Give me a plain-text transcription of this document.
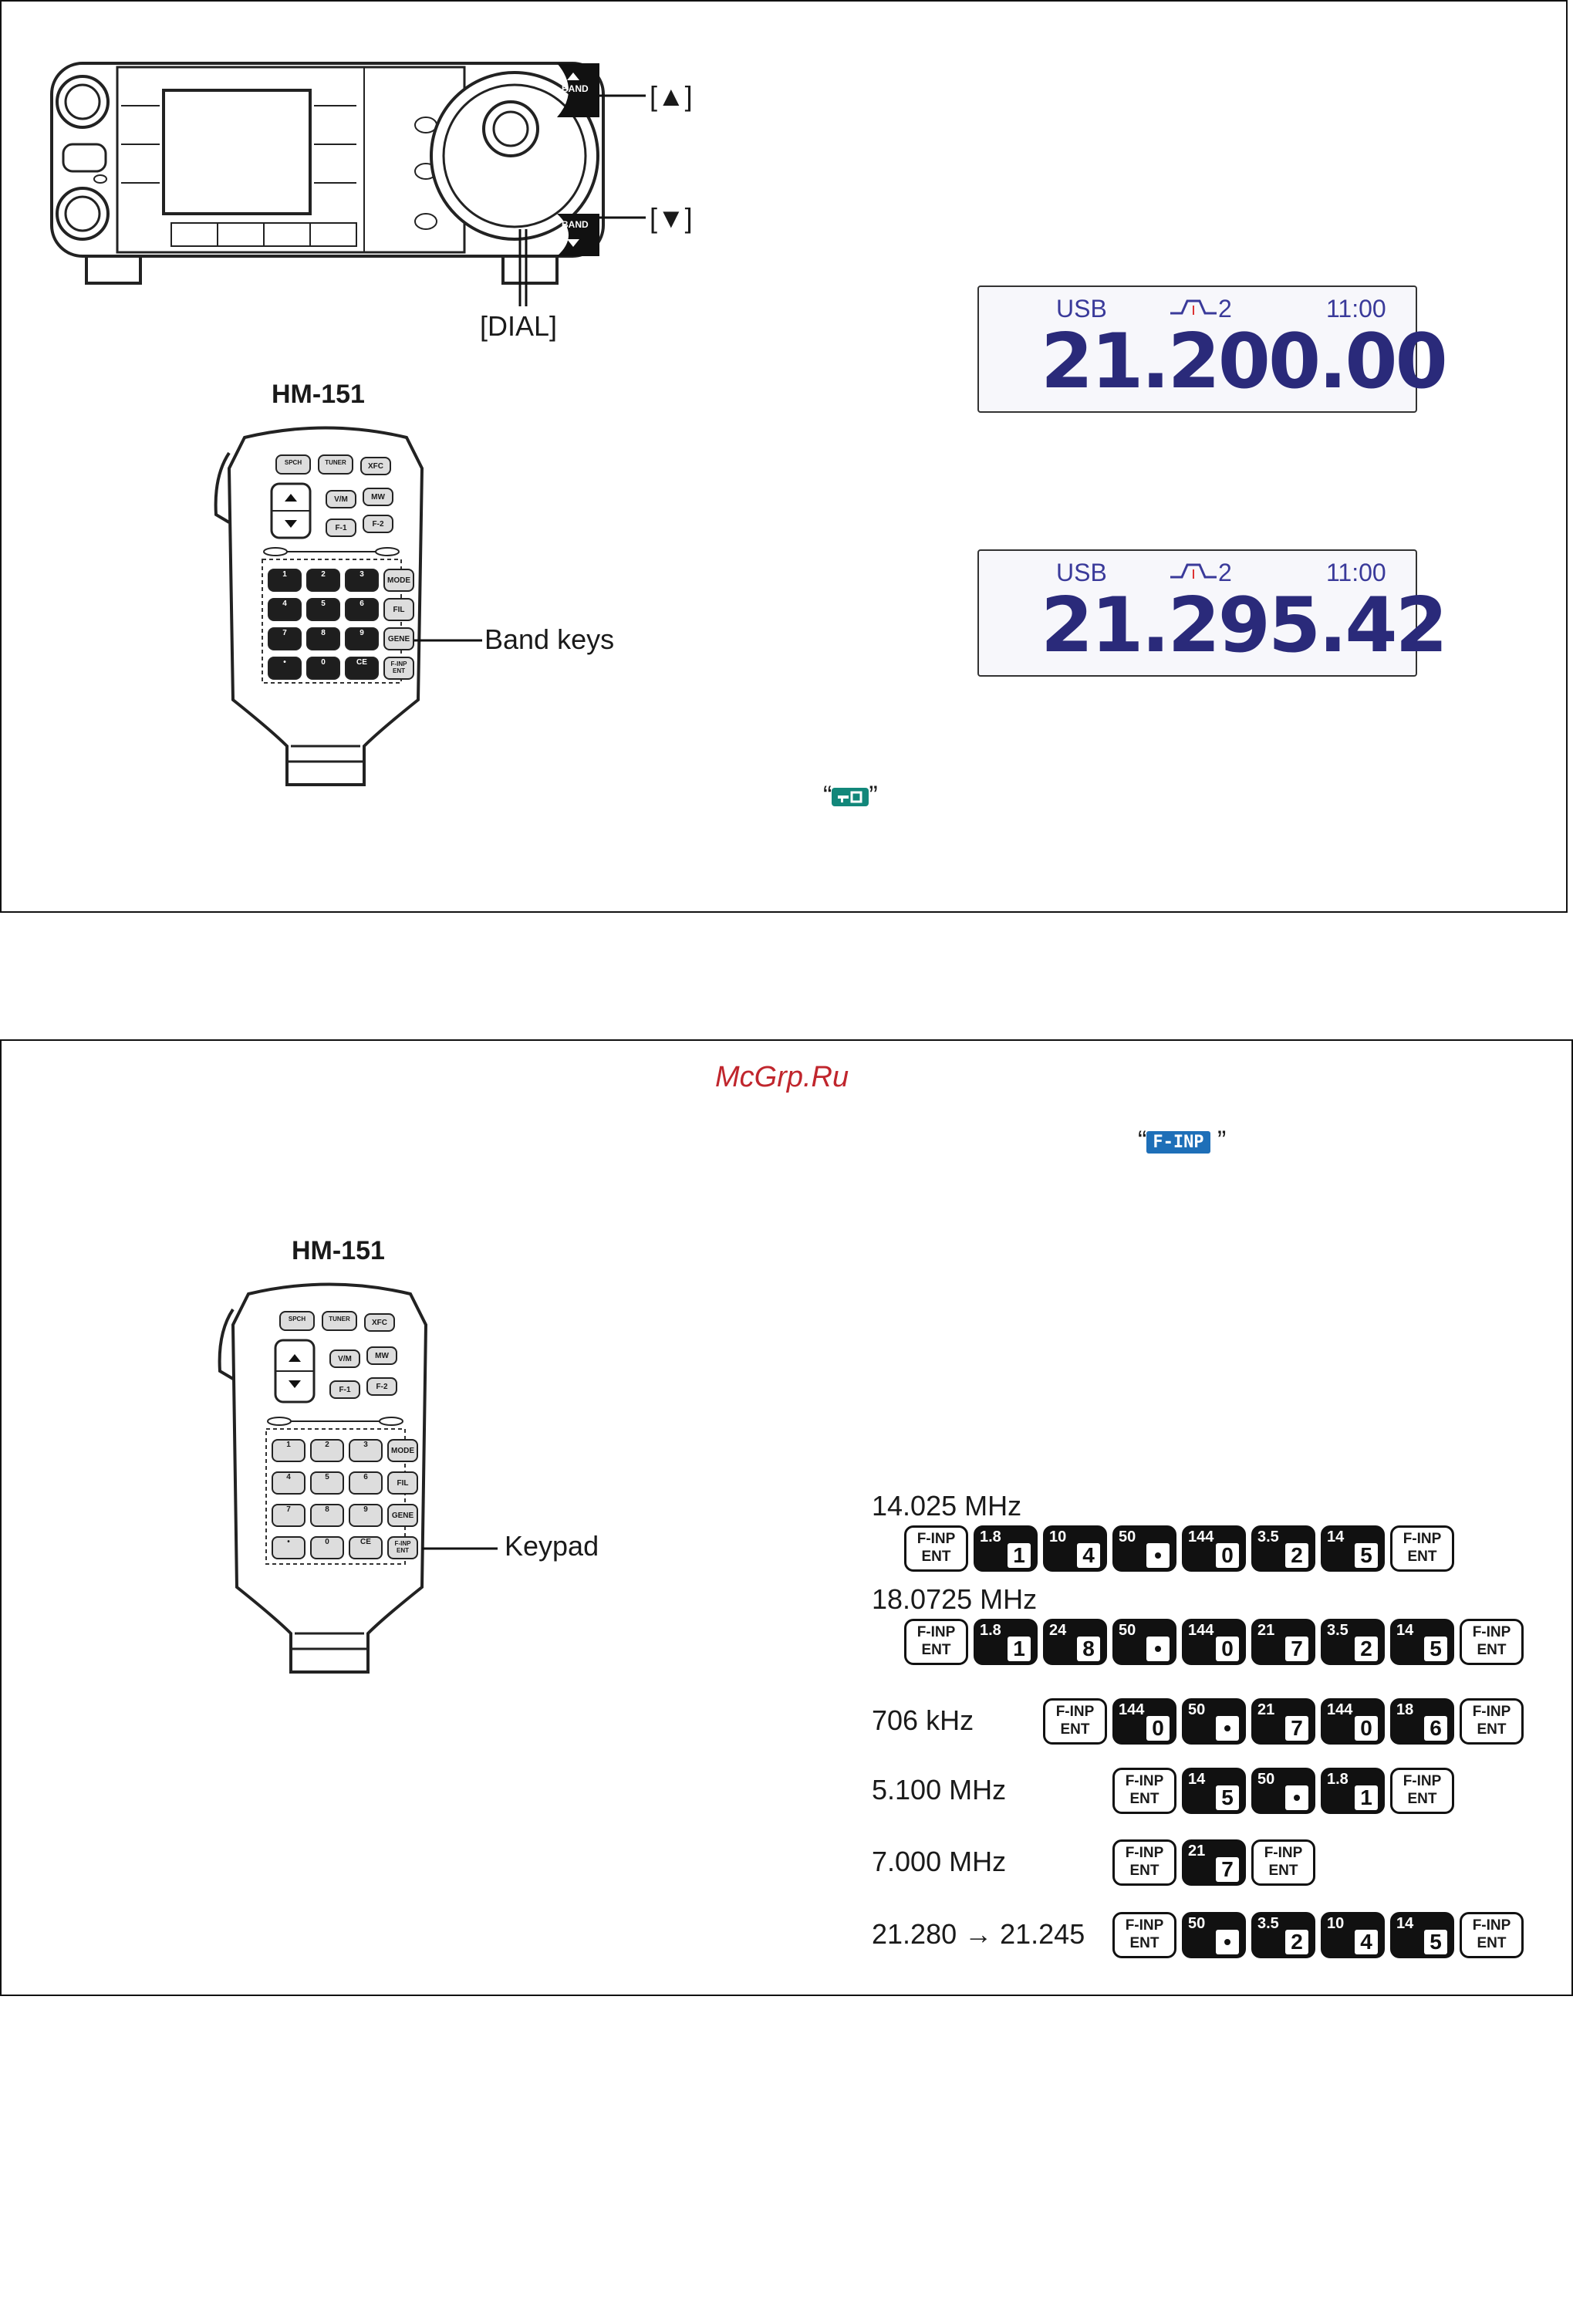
BAND
BAND
[▲]
[▼]
[DIAL]
HM-151
SPCH	TUNER	XFC
V/M	MW
F-1	F-2
1	2	3
MODE
4	5	6
FIL
7	8	9
GENE
•	0	CE	F-INP ENT
Band keys
USB	2	11:00
21.200.00
USB	2	11:00
21.295.42
“ ”
McGrp.Ru
“ F-INP ”
HM-151
SPCH	TUNER	XFC
V/M	MW
F-1	F-2
1	2	3
MODE
4	5	6
FIL
7	8	9
GENE
•	0	CE	F-INP ENT	Keypad
14.025 MHz
F-INP
ENT
1.8
1
10
4
50
•
144
0
3.5
2
14
5
F-INP
ENT
18.0725 MHz
F-INP
ENT
1.8
1
24
8
50
•
144
0
21
7
3.5
2
14
5
F-INP
ENT
706 kHz	F-INP
ENT
144
0
50
•
21
7
144
0
18
6
F-INP
ENT
5.100 MHz	F-INP
ENT
14
5
50
•
1.8
1
F-INP
ENT
7.000 MHz	F-INP
ENT
21
7
F-INP
ENT
21.280 → 21.245	F-INP
ENT
50
•
3.5
2
10
4
14
5
F-INP
ENT
